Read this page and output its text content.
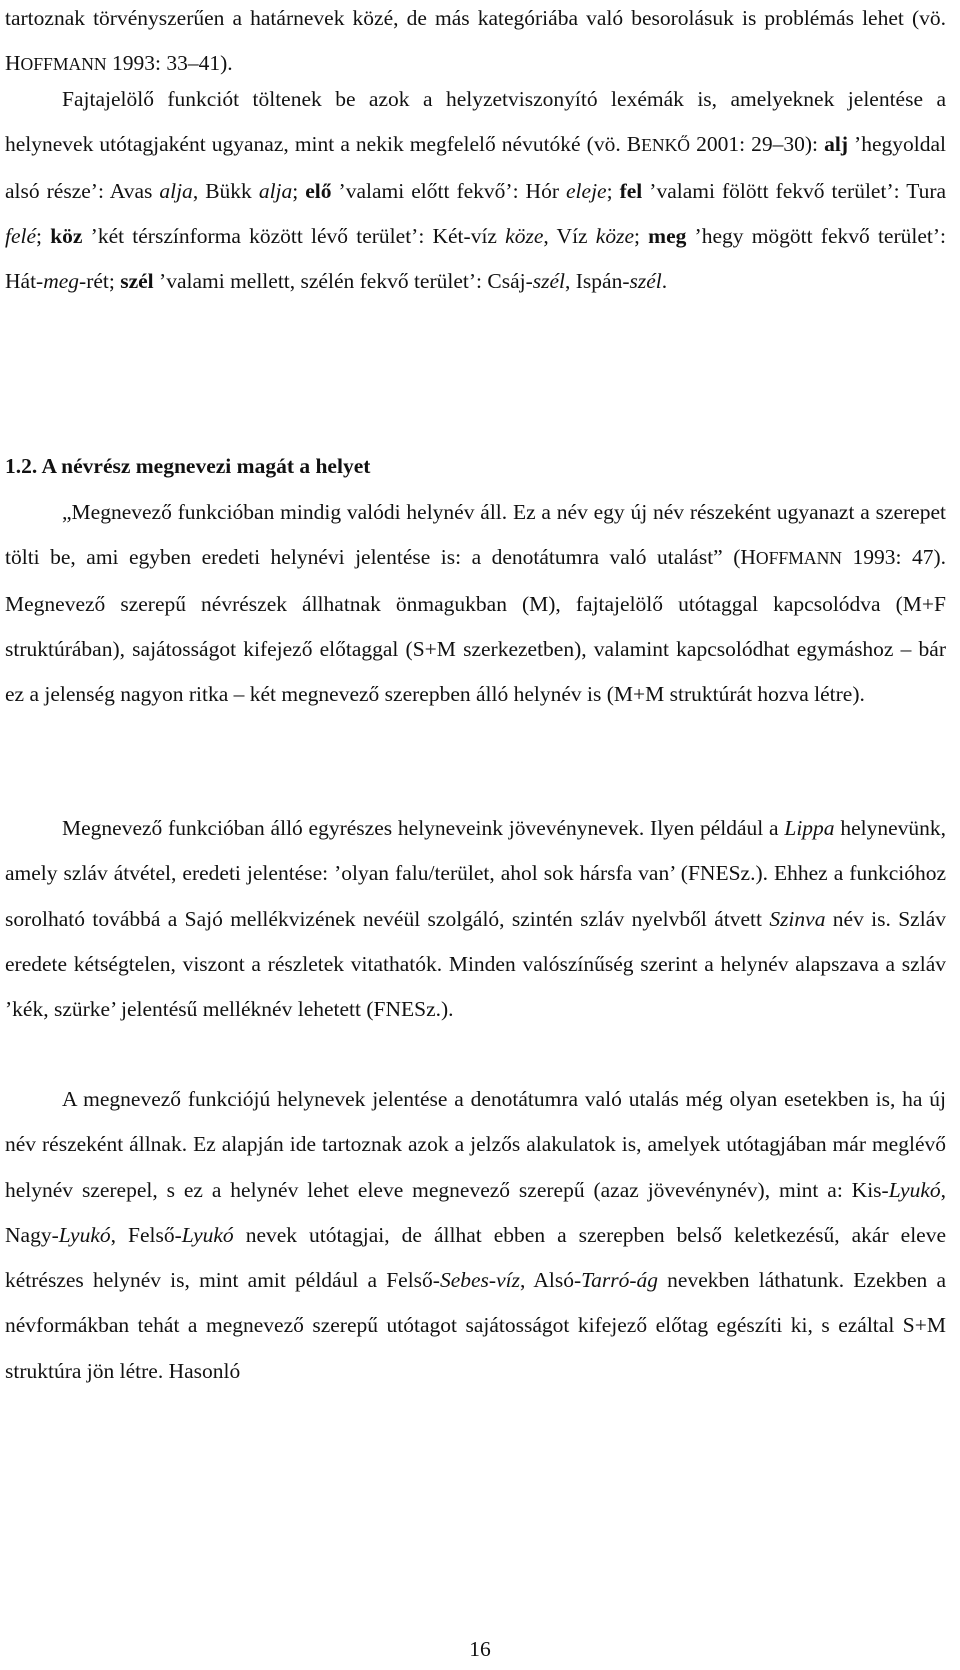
tartoznak törvényszerűen a határnevek közé, de más kategóriába való besorolásuk is problémás lehet (vö. HOFFMANN 1993: 33–41).

Fajtajelölő funkciót töltenek be azok a helyzetviszonyító lexémák is, amelyeknek jelentése a helynevek utótagjaként ugyanaz, mint a nekik megfelelő névutóké (vö. BENKŐ 2001: 29–30): alj ’hegyoldal alsó része’: Avas alja, Bükk alja; elő ’valami előtt fekvő’: Hór eleje; fel ’valami fölött fekvő terület’: Tura felé; köz ’két térszínforma között lévő terület’: Két-víz köze, Víz köze; meg ’hegy mögött fekvő terület’: Hát-meg-rét; szél ’valami mellett, szélén fekvő terület’: Csáj-szél, Ispán-szél.

1.2. A névrész megnevezi magát a helyet

„Megnevező funkcióban mindig valódi helynév áll. Ez a név egy új név részeként ugyanazt a szerepet tölti be, ami egyben eredeti helynévi jelentése is: a denotátumra való utalást” (HOFFMANN 1993: 47). Megnevező szerepű névrészek állhatnak önmagukban (M), fajtajelölő utótaggal kapcsolódva (M+F struktúrában), sajátosságot kifejező előtaggal (S+M szerkezetben), valamint kapcsolódhat egymáshoz – bár ez a jelenség nagyon ritka – két megnevező szerepben álló helynév is (M+M struktúrát hozva létre).

Megnevező funkcióban álló egyrészes helyneveink jövevénynevek. Ilyen például a Lippa helynevünk, amely szláv átvétel, eredeti jelentése: ’olyan falu/terület, ahol sok hársfa van’ (FNESz.). Ehhez a funkcióhoz sorolható továbbá a Sajó mellékvizének nevéül szolgáló, szintén szláv nyelvből átvett Szinva név is. Szláv eredete kétségtelen, viszont a részletek vitathatók. Minden valószínűség szerint a helynév alapszava a szláv ’kék, szürke’ jelentésű melléknév lehetett (FNESz.).

A megnevező funkciójú helynevek jelentése a denotátumra való utalás még olyan esetekben is, ha új név részeként állnak. Ez alapján ide tartoznak azok a jelzős alakulatok is, amelyek utótagjában már meglévő helynév szerepel, s ez a helynév lehet eleve megnevező szerepű (azaz jövevénynév), mint a: Kis-Lyukó, Nagy-Lyukó, Felső-Lyukó nevek utótagjai, de állhat ebben a szerepben belső keletkezésű, akár eleve kétrészes helynév is, mint amit például a Felső-Sebes-víz, Alsó-Tarró-ág nevekben láthatunk. Ezekben a névformákban tehát a megnevező szerepű utótagot sajátosságot kifejező előtag egészíti ki, s ezáltal S+M struktúra jön létre. Hasonló

16
